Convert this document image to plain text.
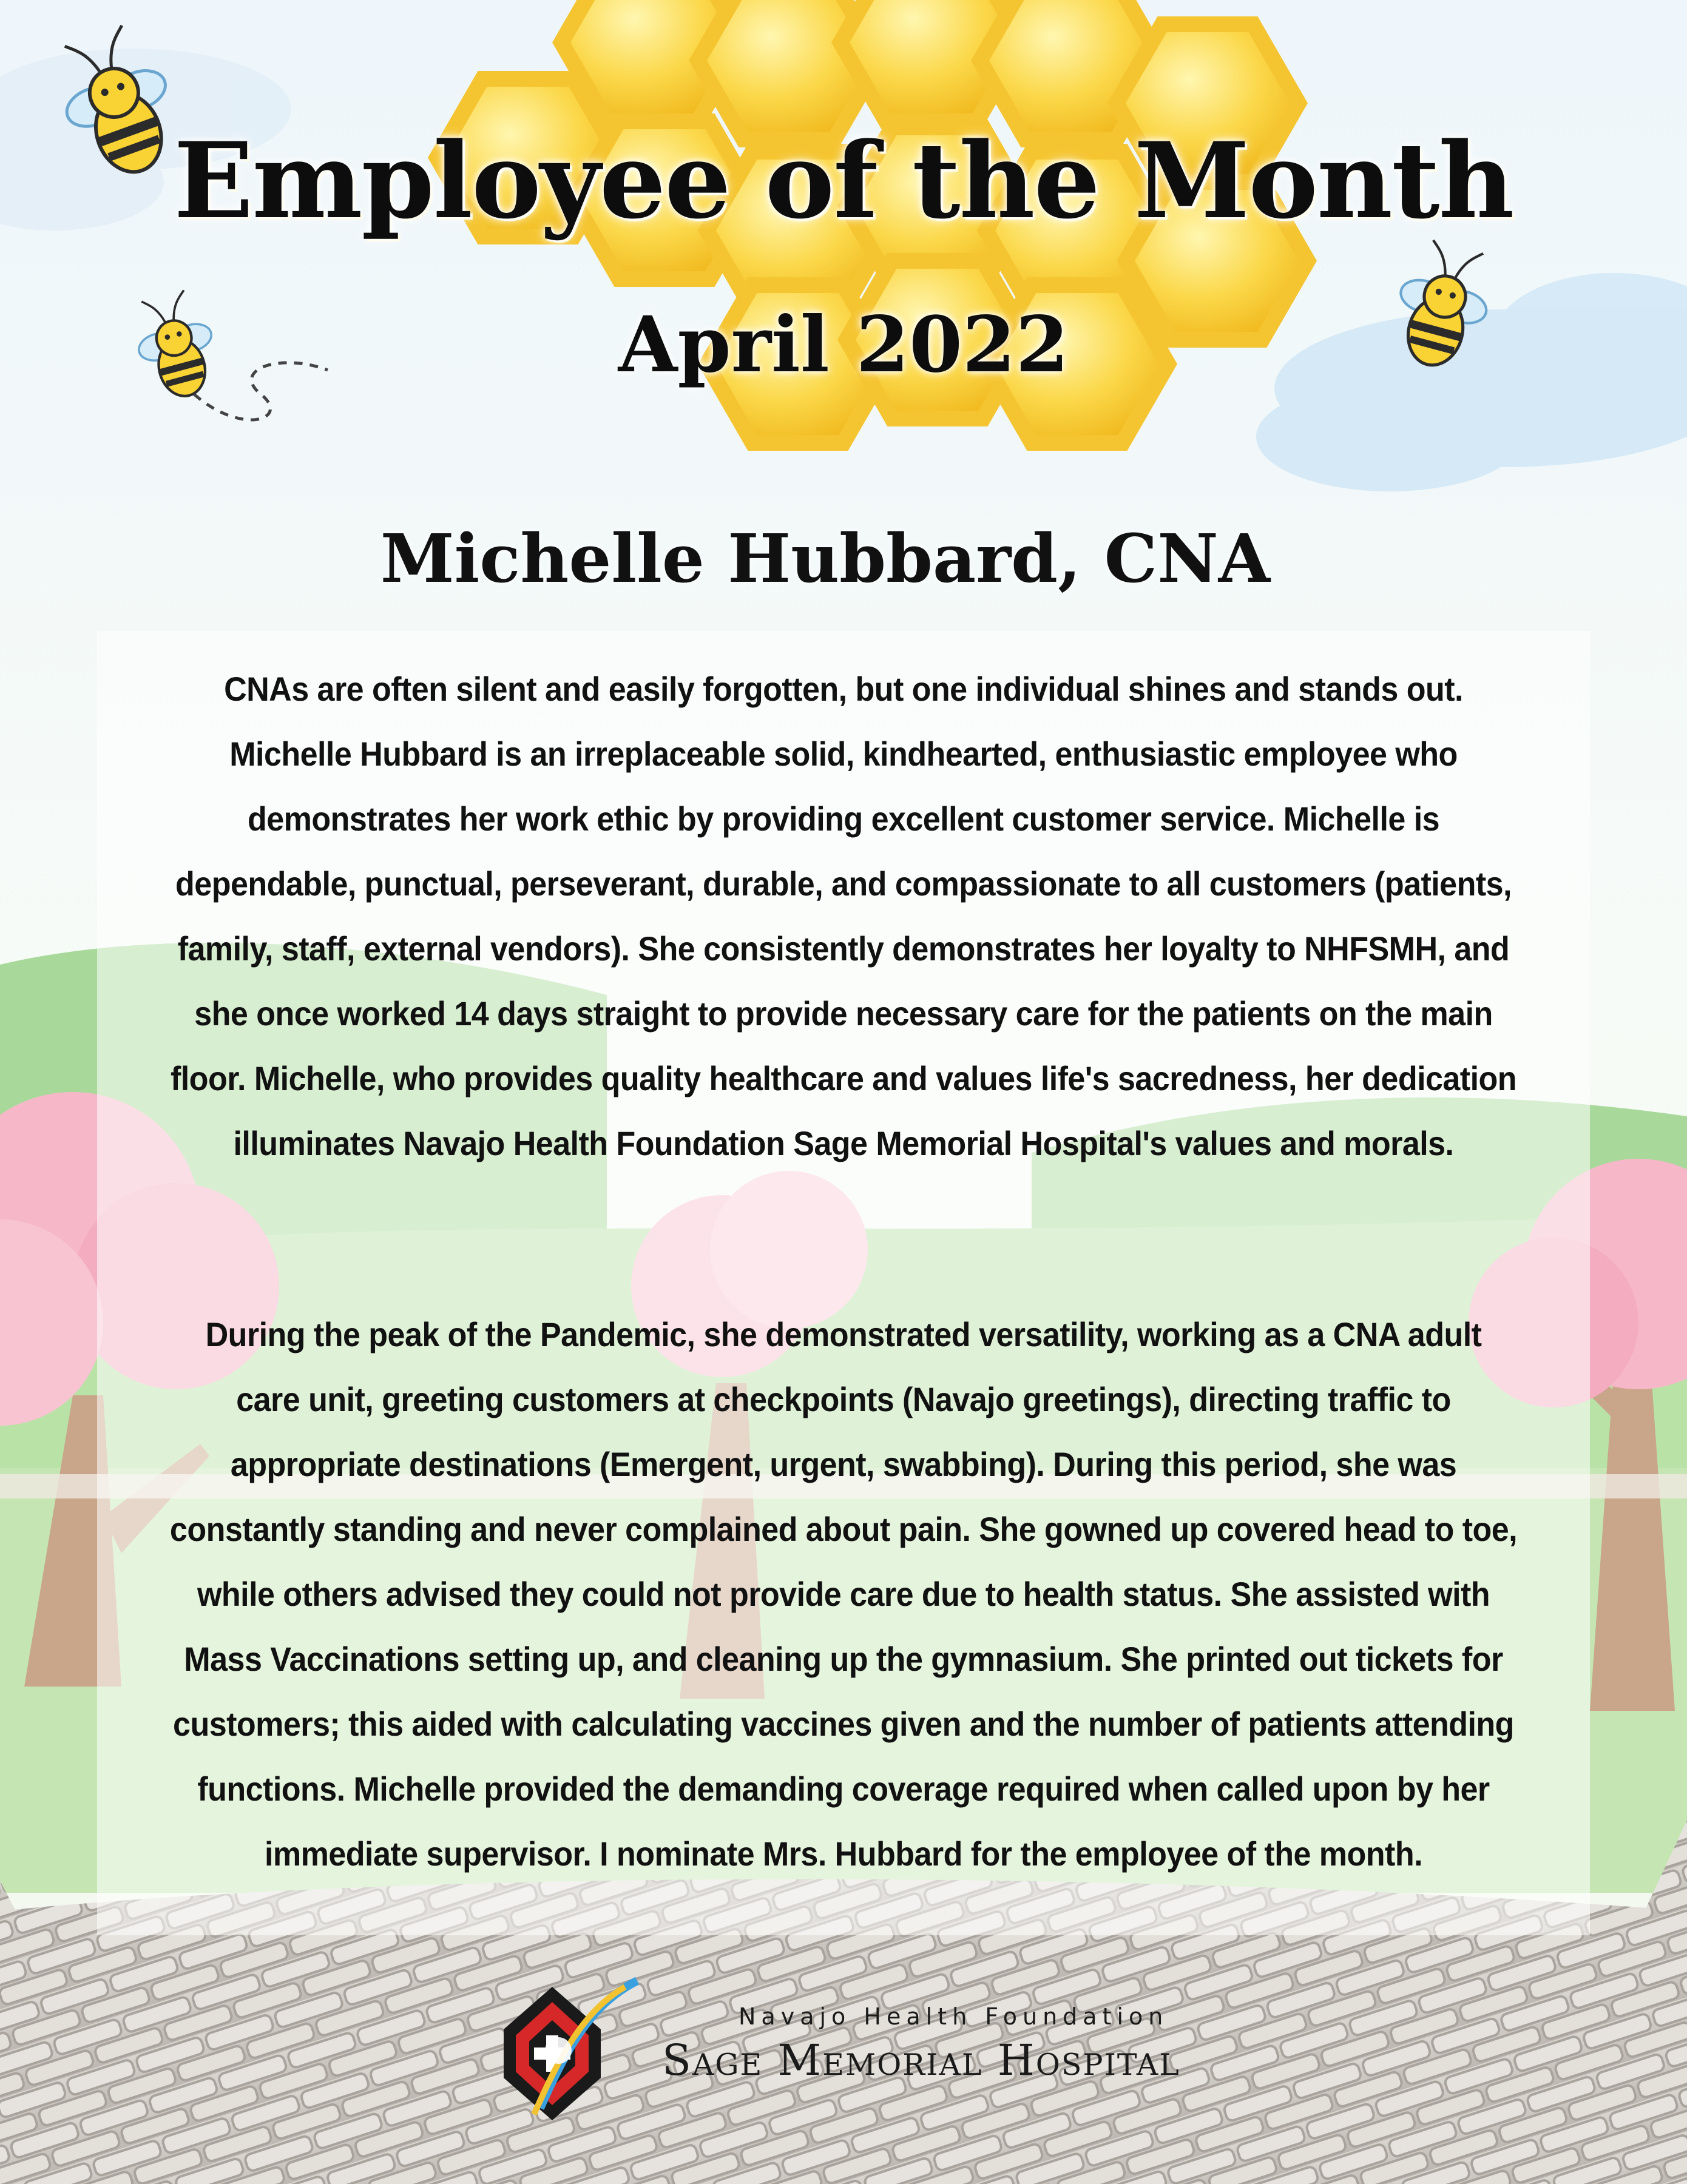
Employee of the Month
April 2022
Michelle Hubbard, CNA

CNAs are often silent and easily forgotten, but one individual shines and stands out. Michelle Hubbard is an irreplaceable solid, kindhearted, enthusiastic employee who demonstrates her work ethic by providing excellent customer service. Michelle is dependable, punctual, perseverant, durable, and compassionate to all customers (patients, family, staff, external vendors). She consistently demonstrates her loyalty to NHFSMH, and she once worked 14 days straight to provide necessary care for the patients on the main floor. Michelle, who provides quality healthcare and values life's sacredness, her dedication illuminates Navajo Health Foundation Sage Memorial Hospital's values and morals.

During the peak of the Pandemic, she demonstrated versatility, working as a CNA adult care unit, greeting customers at checkpoints (Navajo greetings), directing traffic to appropriate destinations (Emergent, urgent, swabbing). During this period, she was constantly standing and never complained about pain. She gowned up covered head to toe, while others advised they could not provide care due to health status. She assisted with Mass Vaccinations setting up, and cleaning up the gymnasium. She printed out tickets for customers; this aided with calculating vaccines given and the number of patients attending functions. Michelle provided the demanding coverage required when called upon by her immediate supervisor. I nominate Mrs. Hubbard for the employee of the month.

Navajo Health Foundation
Sage Memorial Hospital
